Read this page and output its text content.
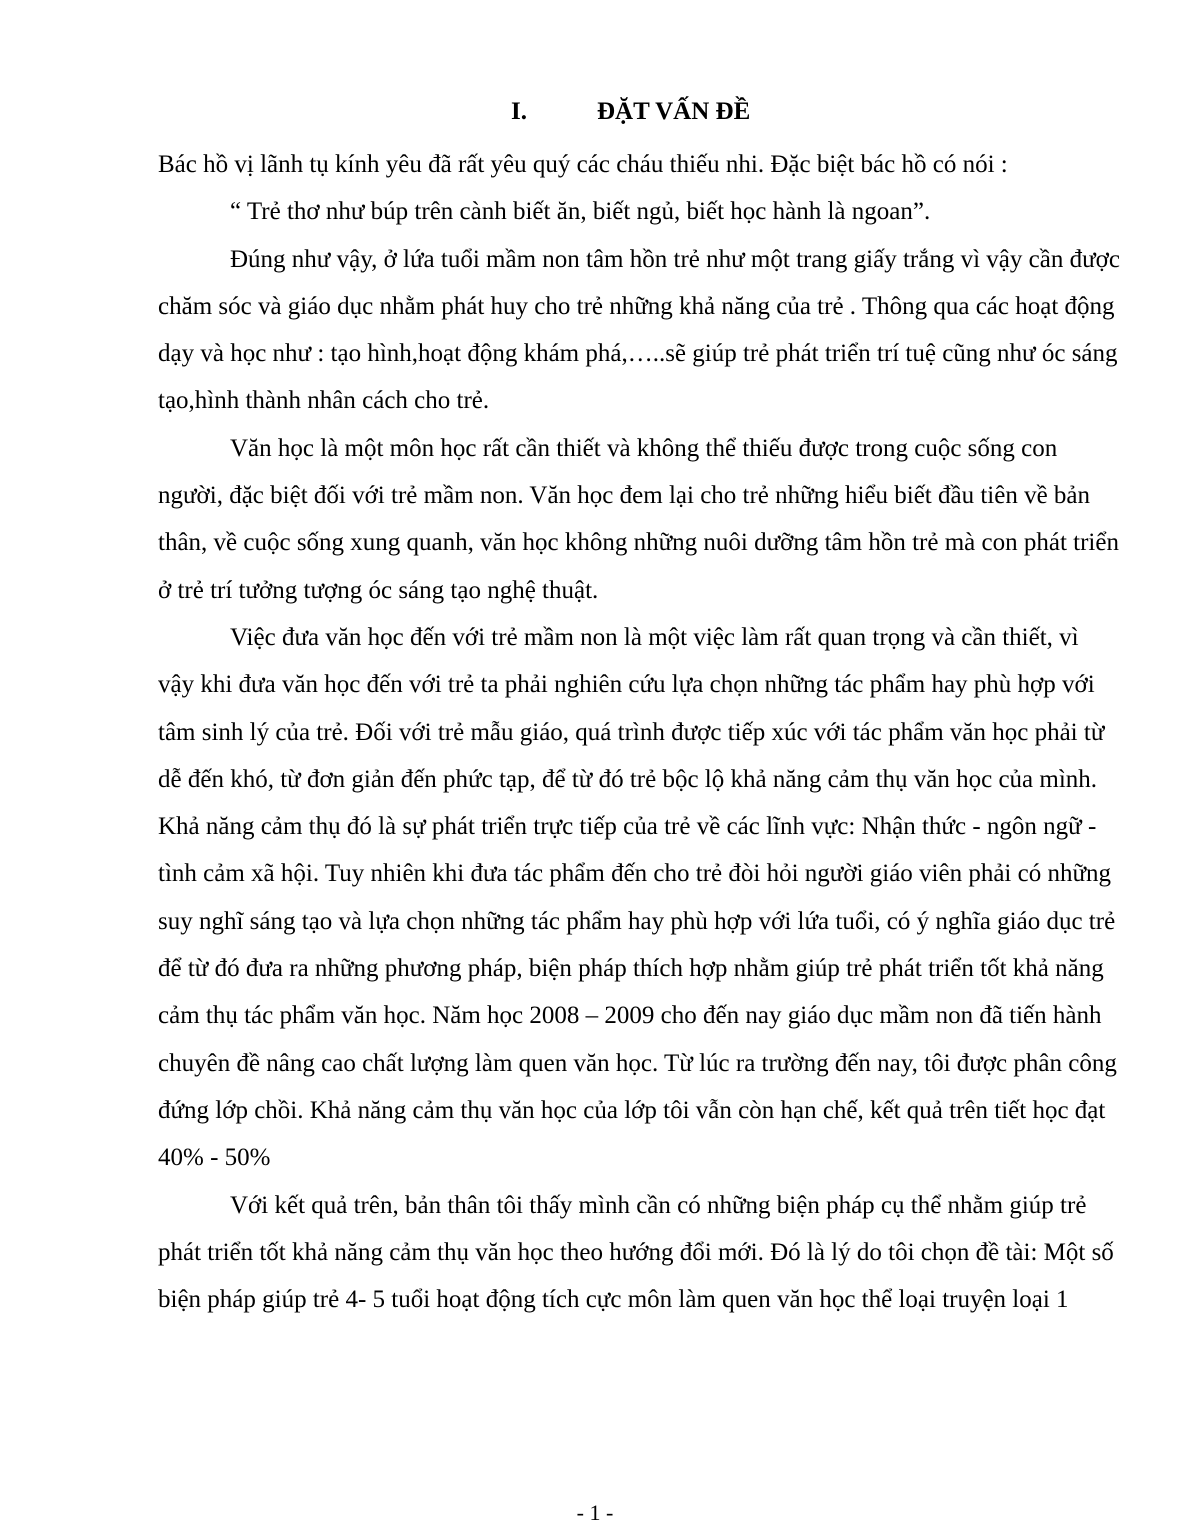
I.	ĐẶT VẤN ĐỀ

Bác hồ vị lãnh tụ kính yêu đã rất yêu quý các cháu thiếu nhi. Đặc biệt bác hồ có nói :

“ Trẻ thơ như búp trên cành biết ăn, biết ngủ, biết học hành là ngoan”.

Đúng như vậy, ở lứa tuổi mầm non tâm hồn trẻ như một trang giấy trắng vì vậy cần được chăm sóc và giáo dục nhằm phát huy cho trẻ những khả năng của trẻ . Thông qua các hoạt động dạy và học như : tạo hình,hoạt động khám phá,…..sẽ giúp trẻ phát triển trí tuệ cũng như óc sáng tạo,hình thành nhân cách cho trẻ.

Văn học là một môn học rất cần thiết và không thể thiếu được trong cuộc sống con người, đặc biệt đối với trẻ mầm non. Văn học đem lại cho trẻ những hiểu biết đầu tiên về bản thân, về cuộc sống xung quanh, văn học không những nuôi dưỡng tâm hồn trẻ mà con phát triển ở trẻ trí tưởng tượng óc sáng tạo nghệ thuật.

Việc đưa văn học đến với trẻ mầm non là một việc làm rất quan trọng và cần thiết, vì vậy khi đưa văn học đến với trẻ ta phải nghiên cứu lựa chọn những tác phẩm hay phù hợp với tâm sinh lý của trẻ. Đối với trẻ mẫu giáo, quá trình được tiếp xúc với tác phẩm văn học phải từ dễ đến khó, từ đơn giản đến phức tạp, để từ đó trẻ bộc lộ khả năng cảm thụ văn học của mình. Khả năng cảm thụ đó là sự phát triển trực tiếp của trẻ về các lĩnh vực: Nhận thức - ngôn ngữ - tình cảm xã hội. Tuy nhiên khi đưa tác phẩm đến cho trẻ đòi hỏi người giáo viên phải có những suy nghĩ sáng tạo và lựa chọn những tác phẩm hay phù hợp với lứa tuổi, có ý nghĩa giáo dục trẻ để từ đó đưa ra những phương pháp, biện pháp thích hợp nhằm giúp trẻ phát triển tốt khả năng cảm thụ tác phẩm văn học. Năm học 2008 – 2009 cho đến nay giáo dục mầm non đã tiến hành chuyên đề nâng cao chất lượng làm quen văn học. Từ lúc ra trường đến nay, tôi được phân công đứng lớp chồi. Khả năng cảm thụ văn học của lớp tôi vẫn còn hạn chế, kết quả trên tiết học đạt 40% - 50%

Với kết quả trên, bản thân tôi thấy mình cần có những biện pháp cụ thể nhằm giúp trẻ phát triển tốt khả năng cảm thụ văn học theo hướng đổi mới. Đó là lý do tôi chọn đề tài: Một số biện pháp giúp trẻ 4- 5 tuổi hoạt động tích cực môn làm quen văn học thể loại truyện loại 1

- 1 -
